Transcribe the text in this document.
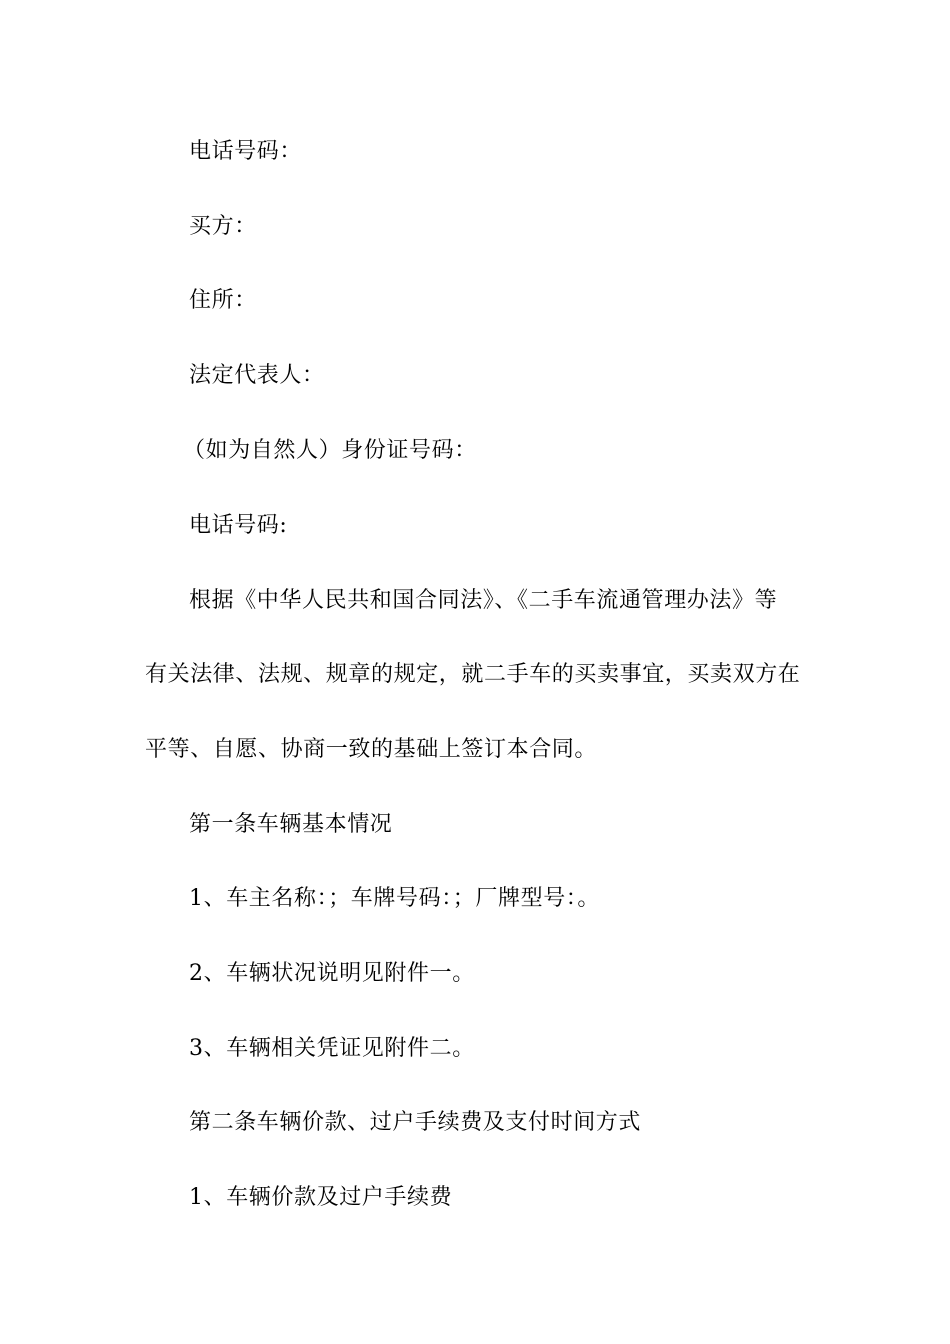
电话号码：

买方：

住所：

法定代表人：

（如为自然人）身份证号码：

电话号码:

根据《中华人民共和国合同法》、《二手车流通管理办法》等

有关法律、法规、规章的规定，就二手车的买卖事宜，买卖双方在

平等、自愿、协商一致的基础上签订本合同。

第一条车辆基本情况

1、车主名称：；车牌号码：；厂牌型号：。

2、车辆状况说明见附件一。

3、车辆相关凭证见附件二。

第二条车辆价款、过户手续费及支付时间方式

1、车辆价款及过户手续费
